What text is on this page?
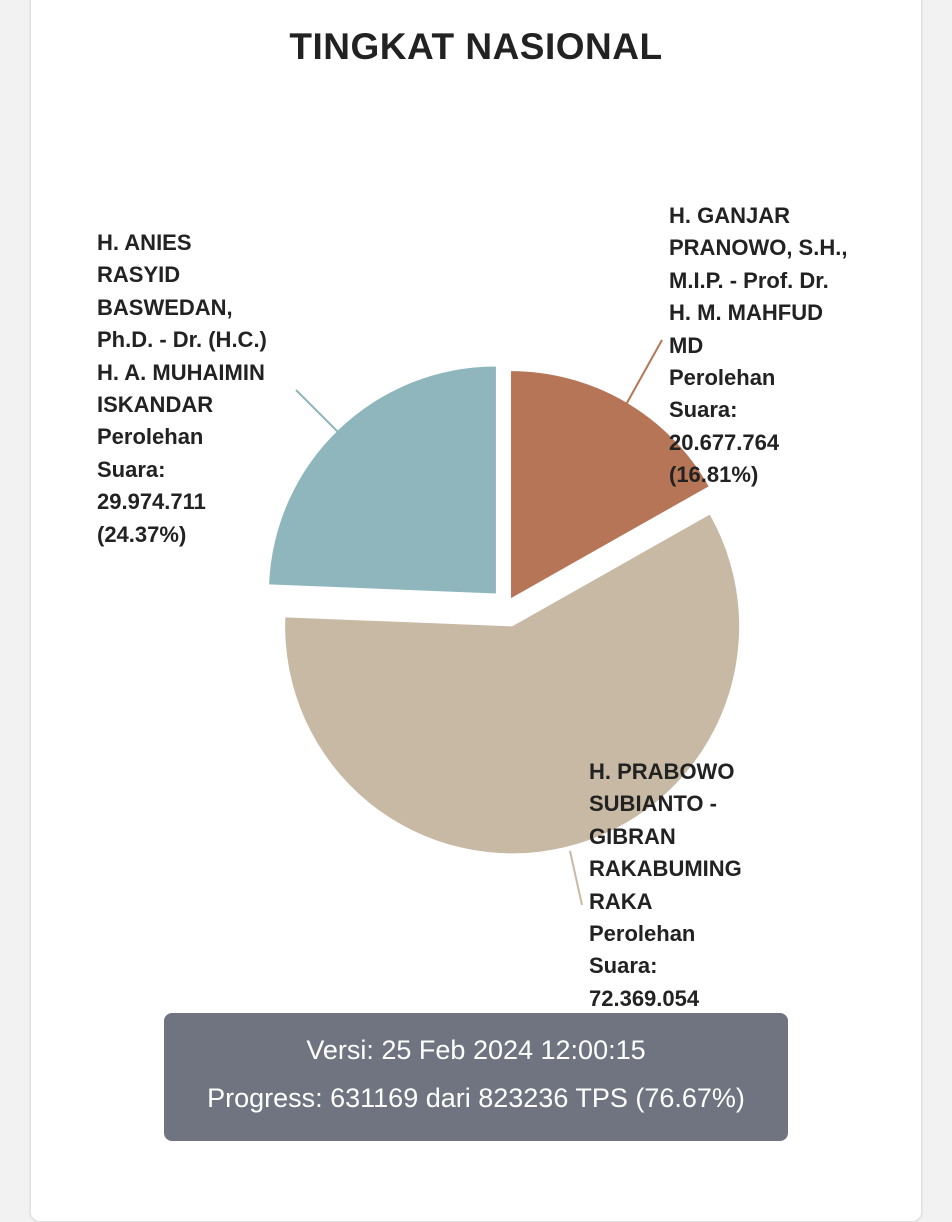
TINGKAT NASIONAL
H. GANJAR
PRANOWO, S.H.,
M.I.P. - Prof. Dr.
H. M. MAHFUD
MD
Perolehan
Suara:
20.677.764
(16.81%)
H. PRABOWO
SUBIANTO -
GIBRAN
RAKABUMING
RAKA
Perolehan
Suara:
72.369.054
H. ANIES
RASYID
BASWEDAN,
Ph.D. - Dr. (H.C.)
H. A. MUHAIMIN
ISKANDAR
Perolehan
Suara:
29.974.711
(24.37%)
Versi: 25 Feb 2024 12:00:15
Progress: 631169 dari 823236 TPS (76.67%)
